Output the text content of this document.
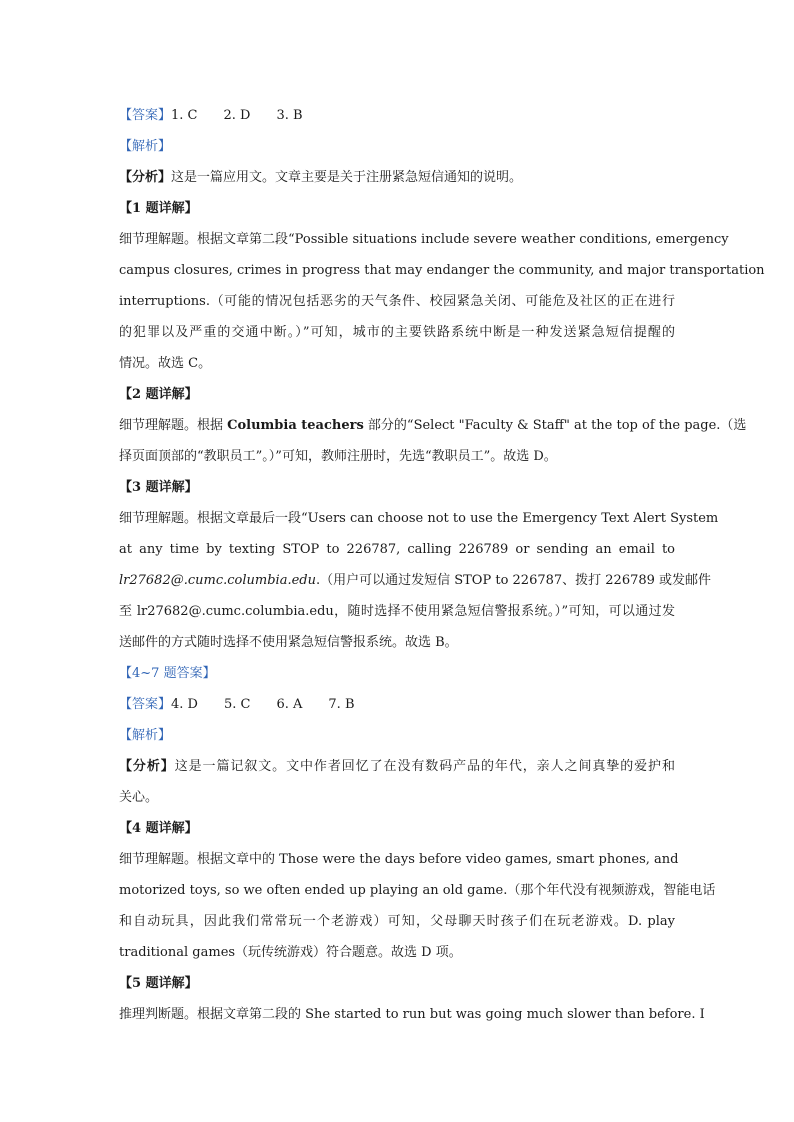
【答案】1. C 2. D 3. B
【解析】
【分析】这是一篇应用文。文章主要是关于注册紧急短信通知的说明。
【1 题详解】
细节理解题。根据文章第二段“Possible situations include severe weather conditions, emergency
campus closures, crimes in progress that may endanger the community, and major transportation
interruptions.（可能的情况包括恶劣的天气条件、校园紧急关闭、可能危及社区的正在进行
的犯罪以及严重的交通中断。）”可知，城市的主要铁路系统中断是一种发送紧急短信提醒的
情况。故选 C。
【2 题详解】
细节理解题。根据 Columbia teachers 部分的“Select "Faculty & Staff" at the top of the page.（选
择页面顶部的“教职员工”。）”可知，教师注册时，先选“教职员工”。故选 D。
【3 题详解】
细节理解题。根据文章最后一段“Users can choose not to use the Emergency Text Alert System
at any time by texting STOP to 226787, calling 226789 or sending an email to
lr27682@.cumc.columbia.edu.（用户可以通过发短信 STOP to 226787、拨打 226789 或发邮件
至 lr27682@.cumc.columbia.edu，随时选择不使用紧急短信警报系统。）”可知，可以通过发
送邮件的方式随时选择不使用紧急短信警报系统。故选 B。
【4~7 题答案】
【答案】4. D 5. C 6. A 7. B
【解析】
【分析】这是一篇记叙文。文中作者回忆了在没有数码产品的年代，亲人之间真挚的爱护和
关心。
【4 题详解】
细节理解题。根据文章中的 Those were the days before video games, smart phones, and
motorized toys, so we often ended up playing an old game.（那个年代没有视频游戏，智能电话
和自动玩具，因此我们常常玩一个老游戏）可知，父母聊天时孩子们在玩老游戏。D. play
traditional games（玩传统游戏）符合题意。故选 D 项。
【5 题详解】
推理判断题。根据文章第二段的 She started to run but was going much slower than before. I
